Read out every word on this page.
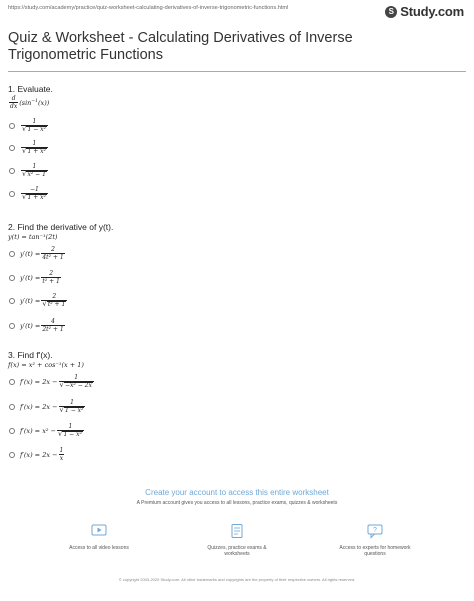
https://study.com/academy/practice/quiz-worksheet-calculating-derivatives-of-inverse-trigonometric-functions.html	S Study.com
Quiz & Worksheet - Calculating Derivatives of Inverse Trigonometric Functions
1. Evaluate.
$\frac{d}{dx} (\sin^{-1}(x))$
$\frac{1}{\text{√ 1 − x²}}$
$\frac{1}{\text{√ 1 + x²}}$
$\frac{1}{\text{√ x² − 1}}$
$\frac{-1}{\text{√ 1 + x²}}$
2. Find the derivative of y(t).
y(t) = tan⁻¹(2t)
$y'(t) = \frac{2}{\text{4t² + 1}}$
$y'(t) = \frac{2}{\text{t² + 1}}$
$y'(t) = \frac{2}{\text{√ t² + 1}}$
$y'(t) = \frac{4}{\text{2t² + 1}}$
3. Find f'(x).
f(x) = x² + cos⁻¹(x + 1)
$f'(x) = 2x - \frac{1}{\text{√ −x² − 2x}}$
$f'(x) = 2x - \frac{1}{\text{√ 1 − x²}}$
$f'(x) = x^2 - \frac{1}{\text{√ 1 − x²}}$
$f'(x) = 2x - \frac{1}{x}$
Create your account to access this entire worksheet
A Premium account gives you access to all lessons, practice exams, quizzes & worksheets
Access to all video lessons	Quizzes, practice exams & worksheets
?
Access to experts for homework questions
© copyright 2003-2020 Study.com. All other trademarks and copyrights are the property of their respective owners. All rights reserved.
